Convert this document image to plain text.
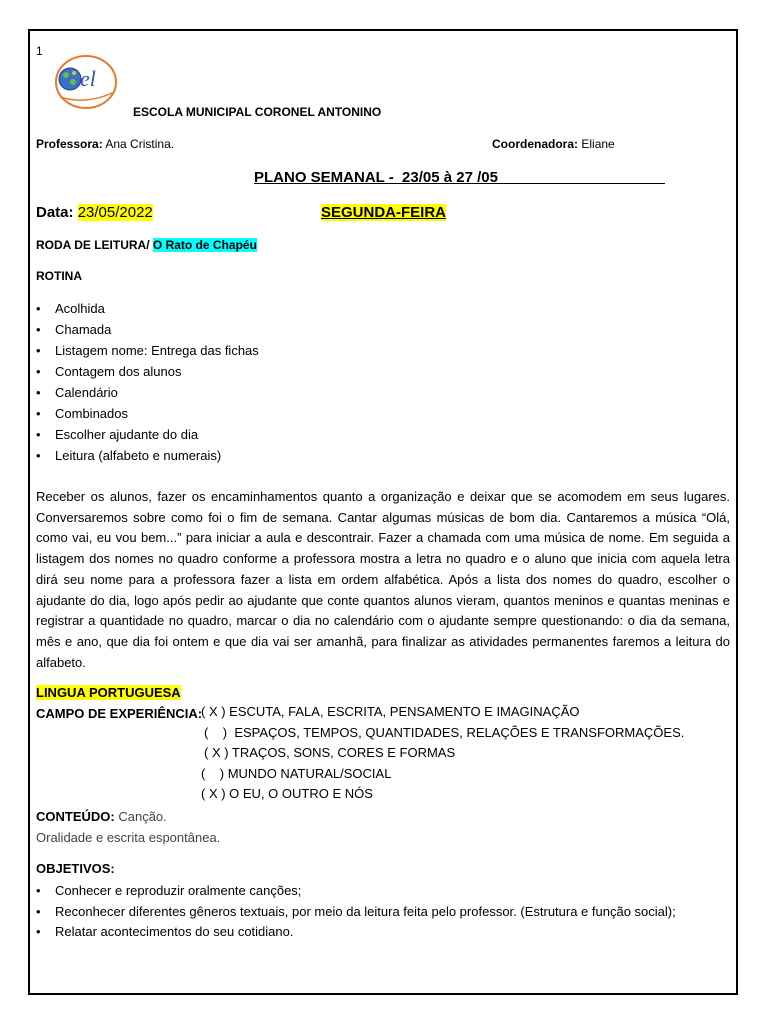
1
el
ESCOLA MUNICIPAL CORONEL ANTONINO
Professora: Ana Cristina.	Coordenadora: Eliane
PLANO SEMANAL -  23/05 à 27 /05____________________
Data: 23/05/2022	SEGUNDA-FEIRA
RODA DE LEITURA/ O Rato de Chapéu
ROTINA
• Acolhida
• Chamada
• Listagem nome: Entrega das fichas
• Contagem dos alunos
• Calendário
• Combinados
• Escolher ajudante do dia
• Leitura (alfabeto e numerais)

Receber os alunos, fazer os encaminhamentos quanto a organização e deixar que se acomodem em seus lugares. Conversaremos sobre como foi o fim de semana. Cantar algumas músicas de bom dia. Cantaremos a música “Olá, como vai, eu vou bem...” para iniciar a aula e descontrair. Fazer a chamada com uma música de nome. Em seguida a listagem dos nomes no quadro conforme a professora mostra a letra no quadro e o aluno que inicia com aquela letra dirá seu nome para a professora fazer a lista em ordem alfabética. Após a lista dos nomes do quadro, escolher o ajudante do dia, logo após pedir ao ajudante que conte quantos alunos vieram, quantos meninos e quantas meninas e registrar a quantidade no quadro, marcar o dia no calendário com o ajudante sempre questionando: o dia da semana, mês e ano, que dia foi ontem e que dia vai ser amanhã, para finalizar as atividades permanentes faremos a leitura do alfabeto.

LINGUA PORTUGUESA
CAMPO DE EXPERIÊNCIA:
( X ) ESCUTA, FALA, ESCRITA, PENSAMENTO E IMAGINAÇÃO
(    )  ESPAÇOS, TEMPOS, QUANTIDADES, RELAÇÕES E TRANSFORMAÇÕES.
( X ) TRAÇOS, SONS, CORES E FORMAS
(    ) MUNDO NATURAL/SOCIAL
( X ) O EU, O OUTRO E NÓS
CONTEÚDO: Canção.
Oralidade e escrita espontânea.
OBJETIVOS:
• Conhecer e reproduzir oralmente canções;
• Reconhecer diferentes gêneros textuais, por meio da leitura feita pelo professor. (Estrutura e função social);
• Relatar acontecimentos do seu cotidiano.
